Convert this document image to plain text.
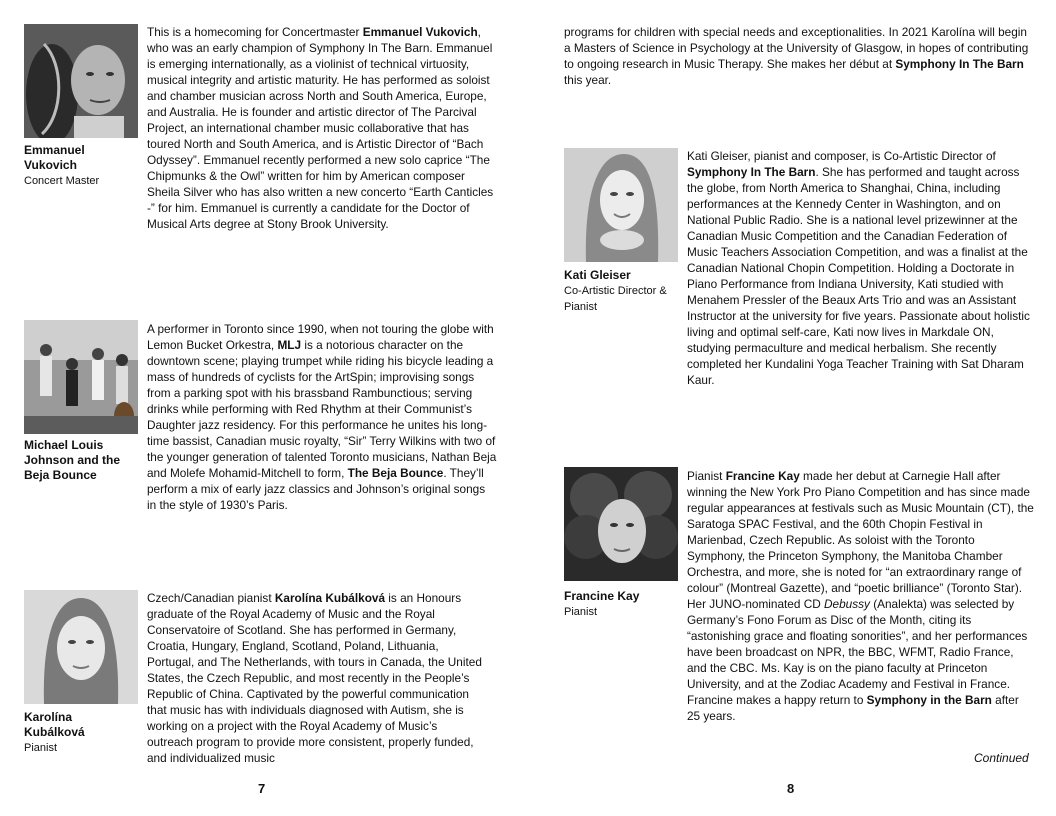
Emmanuel Vukovich
Concert Master

This is a homecoming for Concertmaster Emmanuel Vukovich, who was an early champion of Symphony In The Barn. Emmanuel is emerging internationally, as a violinist of technical virtuosity, musical integrity and artistic maturity. He has performed as soloist and chamber musician across North and South America, Europe, and Australia. He is founder and artistic director of The Parcival Project, an international chamber music collaborative that has toured North and South America, and is Artistic Director of “Bach Odyssey”. Emmanuel recently performed a new solo caprice “The Chipmunks & the Owl” written for him by American composer Sheila Silver who has also written a new concerto “Earth Canticles -” for him. Emmanuel is currently a candidate for the Doctor of Musical Arts degree at Stony Brook University.

Michael Louis Johnson and the Beja Bounce

A performer in Toronto since 1990, when not touring the globe with Lemon Bucket Orkestra, MLJ is a notorious character on the downtown scene; playing trumpet while riding his bicycle leading a mass of hundreds of cyclists for the ArtSpin; improvising songs from a parking spot with his brassband Rambunctious; serving drinks while performing with Red Rhythm at their Communist’s Daughter jazz residency. For this performance he unites his long-time bassist, Canadian music royalty, “Sir” Terry Wilkins with two of the younger generation of talented Toronto musicians, Nathan Beja and Molefe Mohamid-Mitchell to form, The Beja Bounce. They’ll perform a mix of early jazz classics and Johnson’s original songs in the style of 1930’s Paris.

Karolína Kubálková
Pianist

Czech/Canadian pianist Karolína Kubálková is an Honours graduate of the Royal Academy of Music and the Royal Conservatoire of Scotland. She has performed in Germany, Croatia, Hungary, England, Scotland, Poland, Lithuania, Portugal, and The Netherlands, with tours in Canada, the United States, the Czech Republic, and most recently in the People’s Republic of China. Captivated by the powerful communication that music has with individuals diagnosed with Autism, she is working on a project with the Royal Academy of Music’s outreach program to provide more consistent, properly funded, and individualized music

7

programs for children with special needs and exceptionalities. In 2021 Karolína will begin a Masters of Science in Psychology at the University of Glasgow, in hopes of contributing to ongoing research in Music Therapy. She makes her début at Symphony In The Barn this year.

Kati Gleiser
Co-Artistic Director & Pianist

Kati Gleiser, pianist and composer, is Co-Artistic Director of Symphony In The Barn. She has performed and taught across the globe, from North America to Shanghai, China, including performances at the Kennedy Center in Washington, and on National Public Radio. She is a national level prizewinner at the Canadian Music Competition and the Canadian Federation of Music Teachers Association Competition, and was a finalist at the Canadian National Chopin Competition. Holding a Doctorate in Piano Performance from Indiana University, Kati studied with Menahem Pressler of the Beaux Arts Trio and was an Assistant Instructor at the university for five years. Passionate about holistic living and optimal self-care, Kati now lives in Markdale ON, studying permaculture and medical herbalism. She recently completed her Kundalini Yoga Teacher Training with Sat Dharam Kaur.

Francine Kay
Pianist

Pianist Francine Kay made her debut at Carnegie Hall after winning the New York Pro Piano Competition and has since made regular appearances at festivals such as Music Mountain (CT), the Saratoga SPAC Festival, and the 60th Chopin Festival in Marienbad, Czech Republic. As soloist with the Toronto Symphony, the Princeton Symphony, the Manitoba Chamber Orchestra, and more, she is noted for “an extraordinary range of colour” (Montreal Gazette), and “poetic brilliance” (Toronto Star). Her JUNO-nominated CD Debussy (Analekta) was selected by Germany’s Fono Forum as Disc of the Month, citing its “astonishing grace and floating sonorities”, and her performances have been broadcast on NPR, the BBC, WFMT, Radio France, and the CBC. Ms. Kay is on the piano faculty at Princeton University, and at the Zodiac Academy and Festival in France. Francine makes a happy return to Symphony in the Barn after 25 years.

Continued
8
